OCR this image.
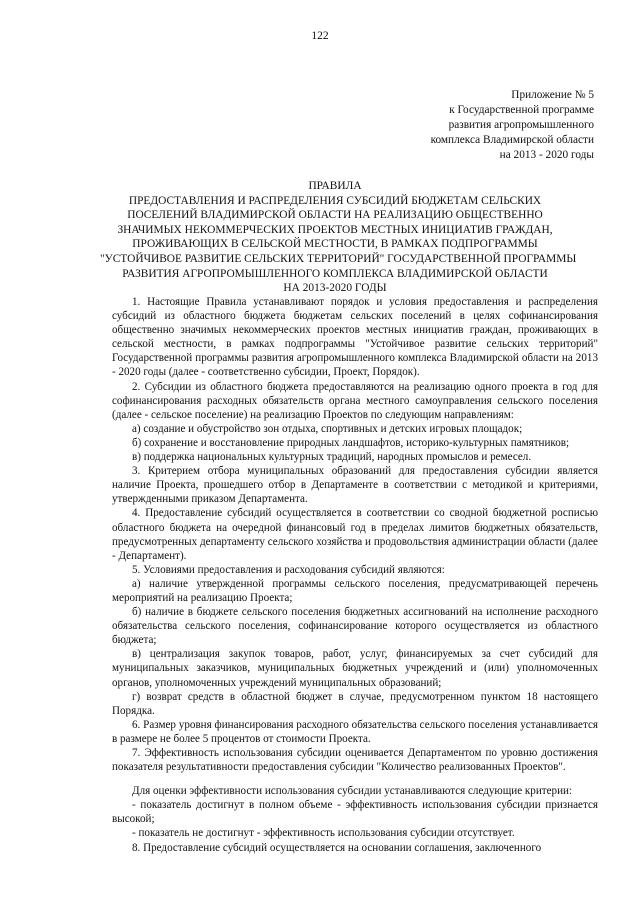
122
Приложение № 5
к Государственной программе
развития агропромышленного
комплекса Владимирской области
на 2013 - 2020 годы
ПРАВИЛА
ПРЕДОСТАВЛЕНИЯ И РАСПРЕДЕЛЕНИЯ СУБСИДИЙ БЮДЖЕТАМ СЕЛЬСКИХ
ПОСЕЛЕНИЙ ВЛАДИМИРСКОЙ ОБЛАСТИ НА РЕАЛИЗАЦИЮ ОБЩЕСТВЕННО
ЗНАЧИМЫХ НЕКОММЕРЧЕСКИХ ПРОЕКТОВ МЕСТНЫХ ИНИЦИАТИВ ГРАЖДАН,
ПРОЖИВАЮЩИХ В СЕЛЬСКОЙ МЕСТНОСТИ, В РАМКАХ ПОДПРОГРАММЫ
"УСТОЙЧИВОЕ РАЗВИТИЕ СЕЛЬСКИХ ТЕРРИТОРИЙ" ГОСУДАРСТВЕННОЙ ПРОГРАММЫ
РАЗВИТИЯ АГРОПРОМЫШЛЕННОГО КОМПЛЕКСА ВЛАДИМИРСКОЙ ОБЛАСТИ
НА 2013-2020 ГОДЫ

1. Настоящие Правила устанавливают порядок и условия предоставления и распределения субсидий из областного бюджета бюджетам сельских поселений в целях софинансирования общественно значимых некоммерческих проектов местных инициатив граждан, проживающих в сельской местности, в рамках подпрограммы "Устойчивое развитие сельских территорий" Государственной программы развития агропромышленного комплекса Владимирской области на 2013 - 2020 годы (далее - соответственно субсидии, Проект, Порядок).

2. Субсидии из областного бюджета предоставляются на реализацию одного проекта в год для софинансирования расходных обязательств органа местного самоуправления сельского поселения (далее - сельское поселение) на реализацию Проектов по следующим направлениям:

а) создание и обустройство зон отдыха, спортивных и детских игровых площадок;

б) сохранение и восстановление природных ландшафтов, историко-культурных памятников;

в) поддержка национальных культурных традиций, народных промыслов и ремесел.

3. Критерием отбора муниципальных образований для предоставления субсидии является наличие Проекта, прошедшего отбор в Департаменте в соответствии с методикой и критериями, утвержденными приказом Департамента.

4. Предоставление субсидий осуществляется в соответствии со сводной бюджетной росписью областного бюджета на очередной финансовый год в пределах лимитов бюджетных обязательств, предусмотренных департаменту сельского хозяйства и продовольствия администрации области (далее - Департамент).

5. Условиями предоставления и расходования субсидий являются:

а) наличие утвержденной программы сельского поселения, предусматривающей перечень мероприятий на реализацию Проекта;

б) наличие в бюджете сельского поселения бюджетных ассигнований на исполнение расходного обязательства сельского поселения, софинансирование которого осуществляется из областного бюджета;

в) централизация закупок товаров, работ, услуг, финансируемых за счет субсидий для муниципальных заказчиков, муниципальных бюджетных учреждений и (или) уполномоченных органов, уполномоченных учреждений муниципальных образований;

г) возврат средств в областной бюджет в случае, предусмотренном пунктом 18 настоящего Порядка.

6. Размер уровня финансирования расходного обязательства сельского поселения устанавливается в размере не более 5 процентов от стоимости Проекта.

7. Эффективность использования субсидии оценивается Департаментом по уровню достижения показателя результативности предоставления субсидии "Количество реализованных Проектов".

Для оценки эффективности использования субсидии устанавливаются следующие критерии:

- показатель достигнут в полном объеме - эффективность использования субсидии признается высокой;

- показатель не достигнут - эффективность использования субсидии отсутствует.

8. Предоставление субсидий осуществляется на основании соглашения, заключенного
